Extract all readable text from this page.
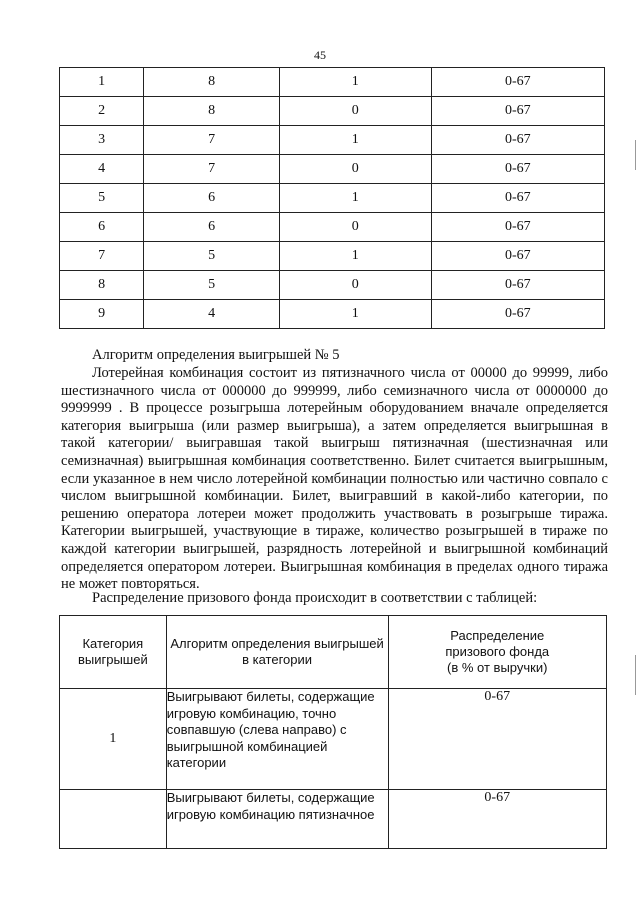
45
1	8	1	0-67
2	8	0	0-67
3	7	1	0-67
4	7	0	0-67
5	6	1	0-67
6	6	0	0-67
7	5	1	0-67
8	5	0	0-67
9	4	1	0-67
Алгоритм определения выигрышей № 5
Лотерейная комбинация состоит из пятизначного числа от 00000 до 99999, либо шестизначного числа от 000000 до 999999, либо семизначного числа от 0000000 до 9999999 . В процессе розыгрыша лотерейным оборудованием вначале определяется категория выигрыша (или размер выигрыша), а затем определяется выигрышная в такой категории/ выигравшая такой выигрыш пятизначная (шестизначная или семизначная) выигрышная комбинация соответственно. Билет считается выигрышным, если указанное в нем число лотерейной комбинации полностью или частично совпало с числом выигрышной комбинации. Билет, выигравший в какой-либо категории, по решению оператора лотереи может продолжить участвовать в розыгрыше тиража. Категории выигрышей, участвующие в тираже, количество розыгрышей в тираже по каждой категории выигрышей, разрядность лотерейной и выигрышной комбинаций определяется оператором лотереи. Выигрышная комбинация в пределах одного тиража не может повторяться.
Распределение призового фонда происходит в соответствии с таблицей:
Категория выигрышей	Алгоритм определения выигрышей в категории	Распределение призового фонда
(в % от выручки)

1	Выигрывают билеты, содержащие игровую комбинацию, точно совпавшую (слева направо) с выигрышной комбинацией категории	0-67
	Выигрывают билеты, содержащие игровую комбинацию пятизначное	0-67
